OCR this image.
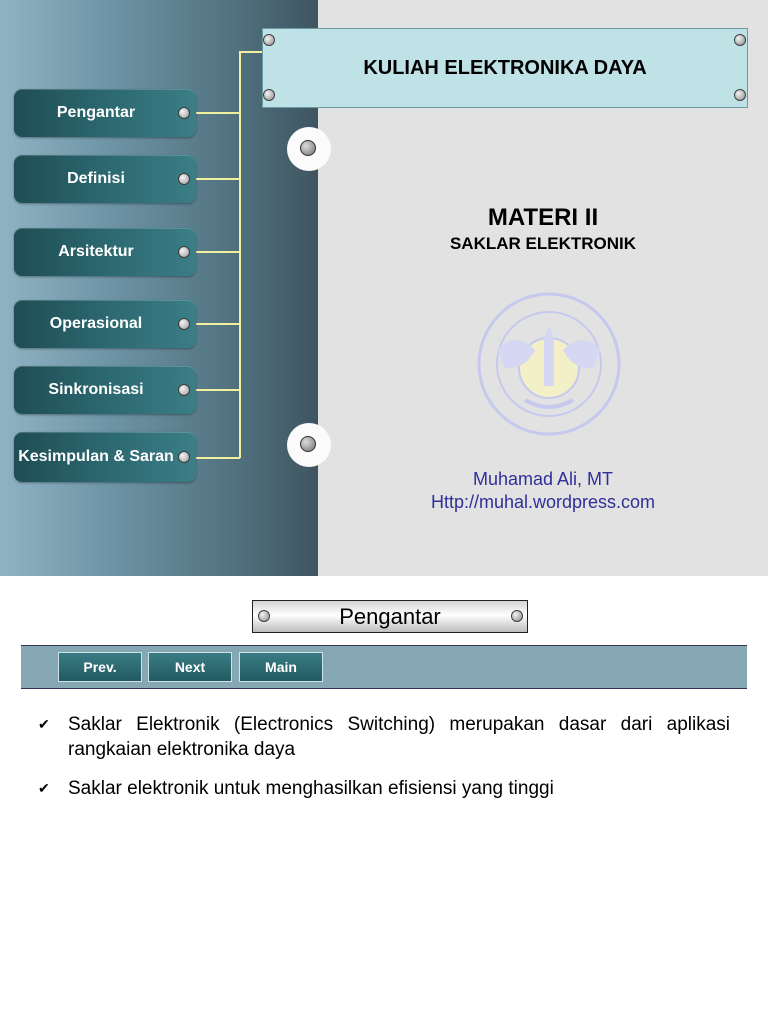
Pengantar
Definisi
Arsitektur
Operasional
Sinkronisasi
Kesimpulan & Saran
KULIAH ELEKTRONIKA DAYA
MATERI II
SAKLAR ELEKTRONIK
Muhamad Ali, MT
Http://muhal.wordpress.com
Pengantar
Prev.	Next	Main
✔ Saklar Elektronik (Electronics Switching) merupakan dasar dari aplikasi rangkaian elektronika daya
✔ Saklar elektronik untuk menghasilkan efisiensi yang tinggi
